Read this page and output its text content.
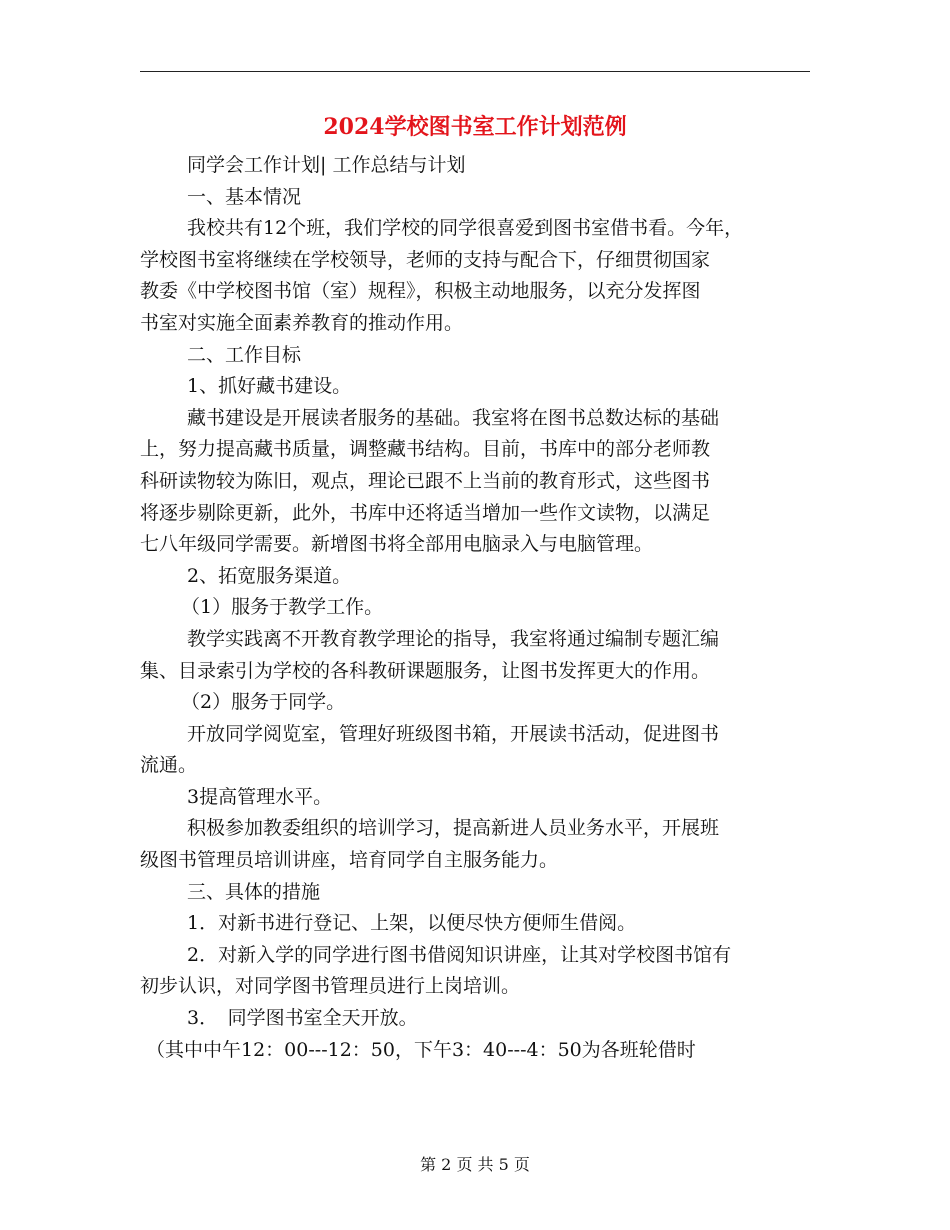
2024学校图书室工作计划范例
同学会工作计划| 工作总结与计划
一、基本情况
我校共有12个班，我们学校的同学很喜爱到图书室借书看。今年，
学校图书室将继续在学校领导，老师的支持与配合下，仔细贯彻国家
教委《中学校图书馆（室）规程》，积极主动地服务，以充分发挥图
书室对实施全面素养教育的推动作用。
二、工作目标
1、抓好藏书建设。
藏书建设是开展读者服务的基础。我室将在图书总数达标的基础
上，努力提高藏书质量，调整藏书结构。目前，书库中的部分老师教
科研读物较为陈旧，观点，理论已跟不上当前的教育形式，这些图书
将逐步剔除更新，此外，书库中还将适当增加一些作文读物，以满足
七八年级同学需要。新增图书将全部用电脑录入与电脑管理。
2、拓宽服务渠道。
（1）服务于教学工作。
教学实践离不开教育教学理论的指导，我室将通过编制专题汇编
集、目录索引为学校的各科教研课题服务，让图书发挥更大的作用。
（2）服务于同学。
开放同学阅览室，管理好班级图书箱，开展读书活动，促进图书
流通。
3提高管理水平。
积极参加教委组织的培训学习，提高新进人员业务水平，开展班
级图书管理员培训讲座，培育同学自主服务能力。
三、具体的措施
1．对新书进行登记、上架，以便尽快方便师生借阅。
2．对新入学的同学进行图书借阅知识讲座，让其对学校图书馆有
初步认识，对同学图书管理员进行上岗培训。
3．　同学图书室全天开放。
（其中中午12：00---12：50，下午3：40---4：50为各班轮借时
第 2 页 共 5 页
